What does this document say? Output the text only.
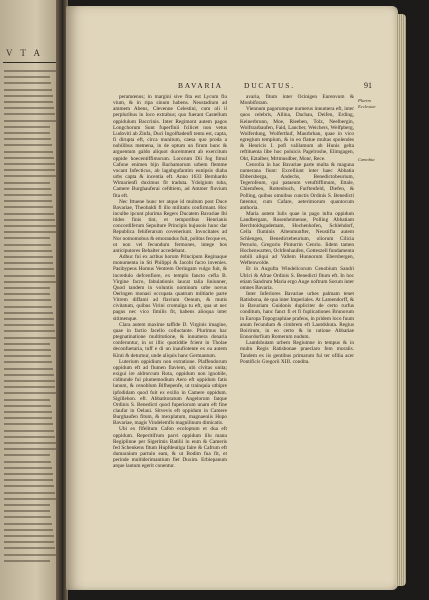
V T A
BAVARIA	DUCATUS.	91

peramœnus; in margini sive fita est Lycum flu vium, & in ripa sinum habens. Neustadium ad ammem Abens, Clevenne Celestini, cum oli il perpluribus in loco extrabus; quo fuerant Castellum oppidulum Baccrinis. Inter Regimont autem pagos Longchorum Sunt fuperfinii fcilicet non vetus Ludoviti ab Zinfa, Duci Ingolftadenfi tentu est, capta, fi dirupta eft, circa munitum, caesa quo proda a nobilibus memena, in de optum un firum hunc & arguentum galdo aliquot ducemment ab exercitum oppide hoecentiffimorum. Lororum Dii fog fimul Cafone enimen bijn Bachamorum urbem flemme vocant Infecticus, ab lagubgufantim eunipsis diaba urbs capta & incentia eft. Anno 1633 Bernhardo Wimarienfi duximus fit traduta. Ydolgium tuba, Camere Burghauferai cefdtiem, ad Ammer fluvium fita eft.

Nec Ittuene hunc ter atque id multum post Duce Bavariae, Theobaldi fl illo militatis confirmant. Hoc inculbe ipcunt plurima Regers Ducatem Bavariae Ibi itides finis tint, et temporibus Henrianis concordiferum Sepulture Principis hujusois hunc dar Republica fehiferarum coveneriunt. Invocitates ad Nor nomomobus & emorandus fuit, politus fecque es, ut non vel fecundum fermones, intege hos anticiputores Behalter accedebant.

Adhuc fui ex actbus horum Principum Reginaque monumenta in Sti Philippi & Jacobi facro invenies. Pasibypeus Homus Ventrem Oeringam vulgo fuit, & incredulo defcenfiore, ex templo fancto cefla B. Virgine facro, fabulationis laucat talia liniunner, Quod tandem in voluntis nominum urbe novus Oeringen monasi occupata quatrum miltiarie parte Vitrem diffami ad flavium Oenum, & mutis civitatum, quibus Virini cromulga tu eft, qua ut nec pagus nec vico fimilis fit, habens alioqua inter sitimenque.

Clara autem maxime taffide D. Virginis imagine, quae in factio facello colluctante. Plurimus hac ptegnatinatione multitutione, & innumera donaria conferuntur, in ut illic quotiddie fcient in Tholae deconfuetaria, tuff e di un inaufiotente ex ea autem Kinti & deturnur, unde aliquis hanc Germantum.

Luterium oppidium non extratione. Plaffendorum oppidum eft ad flumen flaviem, ubi civitas unita; exigui ire aldrorcum Rota, oppidum non ignobile, ciditunde fui plumemodium Aero eft oppidum fatis lunum, & cenoblum Bifhepenfe, ut trainquia utbipre ipfodidam quod fuit ex exillo in Camere oppidum. Sigillehon. eft. Abbatitoratum Angelorum fatque Ordinis S. Benedicti quod fuperiorum unam eft fine claufar in Oelani. Sitvevis eft oppidum in Camere Burghaufen fitum, & mexplatum, magnaeniis Hupo Bavariae, magis Vindelemfis magnilinum dimicatis.

Ubi ex fifelitum Cafon ecoloptum et dua eft oppidum. Reperitifrum parvi oppidum illu manu Regiplinne per Sigerimis Batilii in eum & Cameris fed Schenkens fitum Hupfdeutiga faire & Cafrum eft dumaraium partuin eam, & ut Bodim fua fit, et perinde multiderimantium fiet Duxim. Erbiepanum atque lautum egerit conentur.

avaria, fitum inter Ocinigen Eurenvum & Monbiforam.

Viennum pagorumque numerus innumera eft, inter quos celebris, Allina, Dachau, Deifen, Erding, Keinerbrunn, Moe, Rieeben, Tolz, Neelbergin, Wolfsrarbaufen, Faid, Lancber, Weichers, Welfpberg, Wolferdung, Wolferthuf, Maurbrhan, quae in vico egregium templum, & in eo flatue multas spolendes & Henricis I. pofi valilamum ab Hunis gelta reftituenta libe hoc poluicis Pagelroshe, Elimgagen, Okt, Eztalber, Mrtmusdber, Monr, Rece.

Cenrolia in hac Bavariae parte multa & maguna numerana fiunt: Excelliunt inter haec Abbatia Ebbersberga, Andechs, Benedictobeurium, Tegernfeum, qui pataeum vetuftiffimum, Ettale, Chiemfeeo, Rottenbuch, Furftenfeld, Diefen, & Polling, quibus omnibus cunctis Ordinis S. Benedicti fatentur, cum Cafare, aeterimorum quantocum anthoria.

Maria autem Iulis quae in pago infra oppidum Landbergam, Rosenheimense, Polling Abbatiam Berchtoldsgademam, Hochenhofen, Schlehdorf, Cella fluminis Altenmunfter, Neustifia autem Schlengen, Benedictebeurium, oliorum Cilicia Pernolo, Gregorio Pinturrin Cenrio. Iidem tamen Hochenwarten, Ochfenhaufen, Gotteszell fundamenta nobili aliqui ad Vallem Hunnorum Ebersbergen, Weftenwolde.

Et in Augufta Windelicorum Cenobium Sandri Ulrici & Afrae Ordinis S. Benedicti fitum eft. In hoc etiam Sandrum Maria ergo Auge noftram Sorum inter omnes Bavaria.

Inter Inferiores Bavariae urbes palmam tenet Ratisbona, de qua inter Imperiales. At Lamendorff, & in Bavariam Guidonis dupliciter de certo rurfus conditum, hanc fanct fi et fi fuplicationes Brunorum in Europa Topographiae prafens, in pridem loco fuum anum fecundum & cimbrem eft Lautdshuta. Regius Boirirum, in eo certo & in ratione Abbatiae Ennordorfium Romerum nudum.

Lautdshutam urbem Regiumne in tempus & in multu Regis Ratisbonae praeclaro fem moralis. Tandem ex iis gentibus primarum fui ter ofilia acer Pontificis Gregorii XIII. condita.

Plurim Ecclesiae
Cænobia
